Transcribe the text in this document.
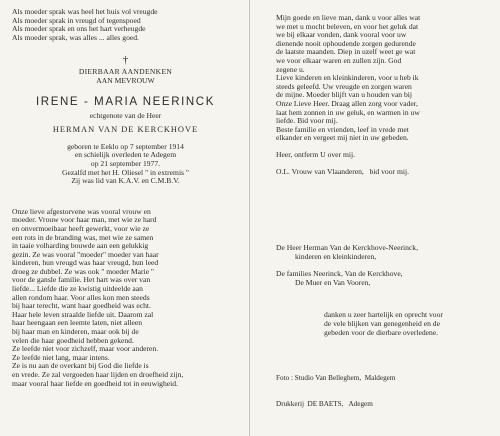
Als moeder sprak was heel het huis vol vreugde
Als moeder sprak in vreugd of tegenspoed
Als moeder sprak en ons het hart verheugde
Als moeder sprak, was alles ... alles goed.
†
DIERBAAR AANDENKEN
AAN MEVROUW
IRENE - MARIA NEERINCK
echtgenote van de Heer
HERMAN VAN DE KERCKHOVE
geboren te Eeklo op 7 september 1914
en schielijk overleden te Adegem
op 21 september 1977.
Gezalfd met het H. Oliesel " in extremis "
Zij was lid van K.A.V. en C.M.B.V.
Onze lieve afgestorvene was vooral vrouw en
moeder. Vrouw voor haar man, met wie ze hard
en onvermoeibaar heeft gewerkt, voor wie ze
een rots in de branding was, met wie ze samen
in taaie volharding bouwde aan een gelukkig
gezin. Ze was vooral "moeder" moeder van haar
kinderen, hun vreugd was haar vreugd, hun leed
droeg ze dubbel. Ze was ook " moeder Marie "
voor de gansle familie. Het hart was over van
liefde... Liefde die ze kwistig uitdeelde aan
allen rondom haar. Voor alles kon men steeds
bij haar terecht, want haar goedheid was echt.
Haar hele leven straalde liefde uit. Daarom zal
haar heengaan een leemte laten, niet alleen
bij haar man en kinderen, maar ook bij de
velen die haar goedheid hebben gekend.
Ze leefde niet voor zichzelf, maar voor anderen.
Ze leefde niet lang, maar intens.
Ze is nu aan de overkant bij God die liefde is
en vrede. Ze zal vergoeden haar lijden en droefheid zijn,
maar vooral haar liefde en goedheid tot in eeuwigheid.
Mijn goede en lieve man, dank u voor alles wat
we met u mocht beleven, en voor het geluk dat
we bij elkaar vonden, dank vooral voor uw
dienende nooit ophoudende zorgen gedurende
de laatste maanden. Diep in uzelf weet ge wat
we voor elkaar waren en zullen zijn. God
zegene u.
Lieve kinderen en kleinkinderen, voor u heb ik
steeds geleefd. Uw vreugde en zorgen waren
de mijne. Moeder blijft van u houden van bij
Onze Lieve Heer. Draag allen zorg voor vader,
laat hem zonnen in uw geluk, en warmen in uw
liefde. Bid voor mij.
Beste familie en vrienden, leef in vrede met
elkander en vergeet mij niet in uw gebeden.
Heer, ontferm U over mij.
O.L. Vrouw van Vlaanderen,   bid voor mij.
De Heer Herman Van de Kerckhove-Neerinck,
kinderen en kleinkinderen,
De families Neerinck, Van de Kerckhove,
De Muer en Van Vooren,
danken u zeer hartelijk en oprecht voor
de vele blijken van genegenheid en de
gebeden voor de dierbare overledene.

Foto : Studio Van Belleghem,  Maldegem

Drukkerij  DE BAETS,   Adegem
